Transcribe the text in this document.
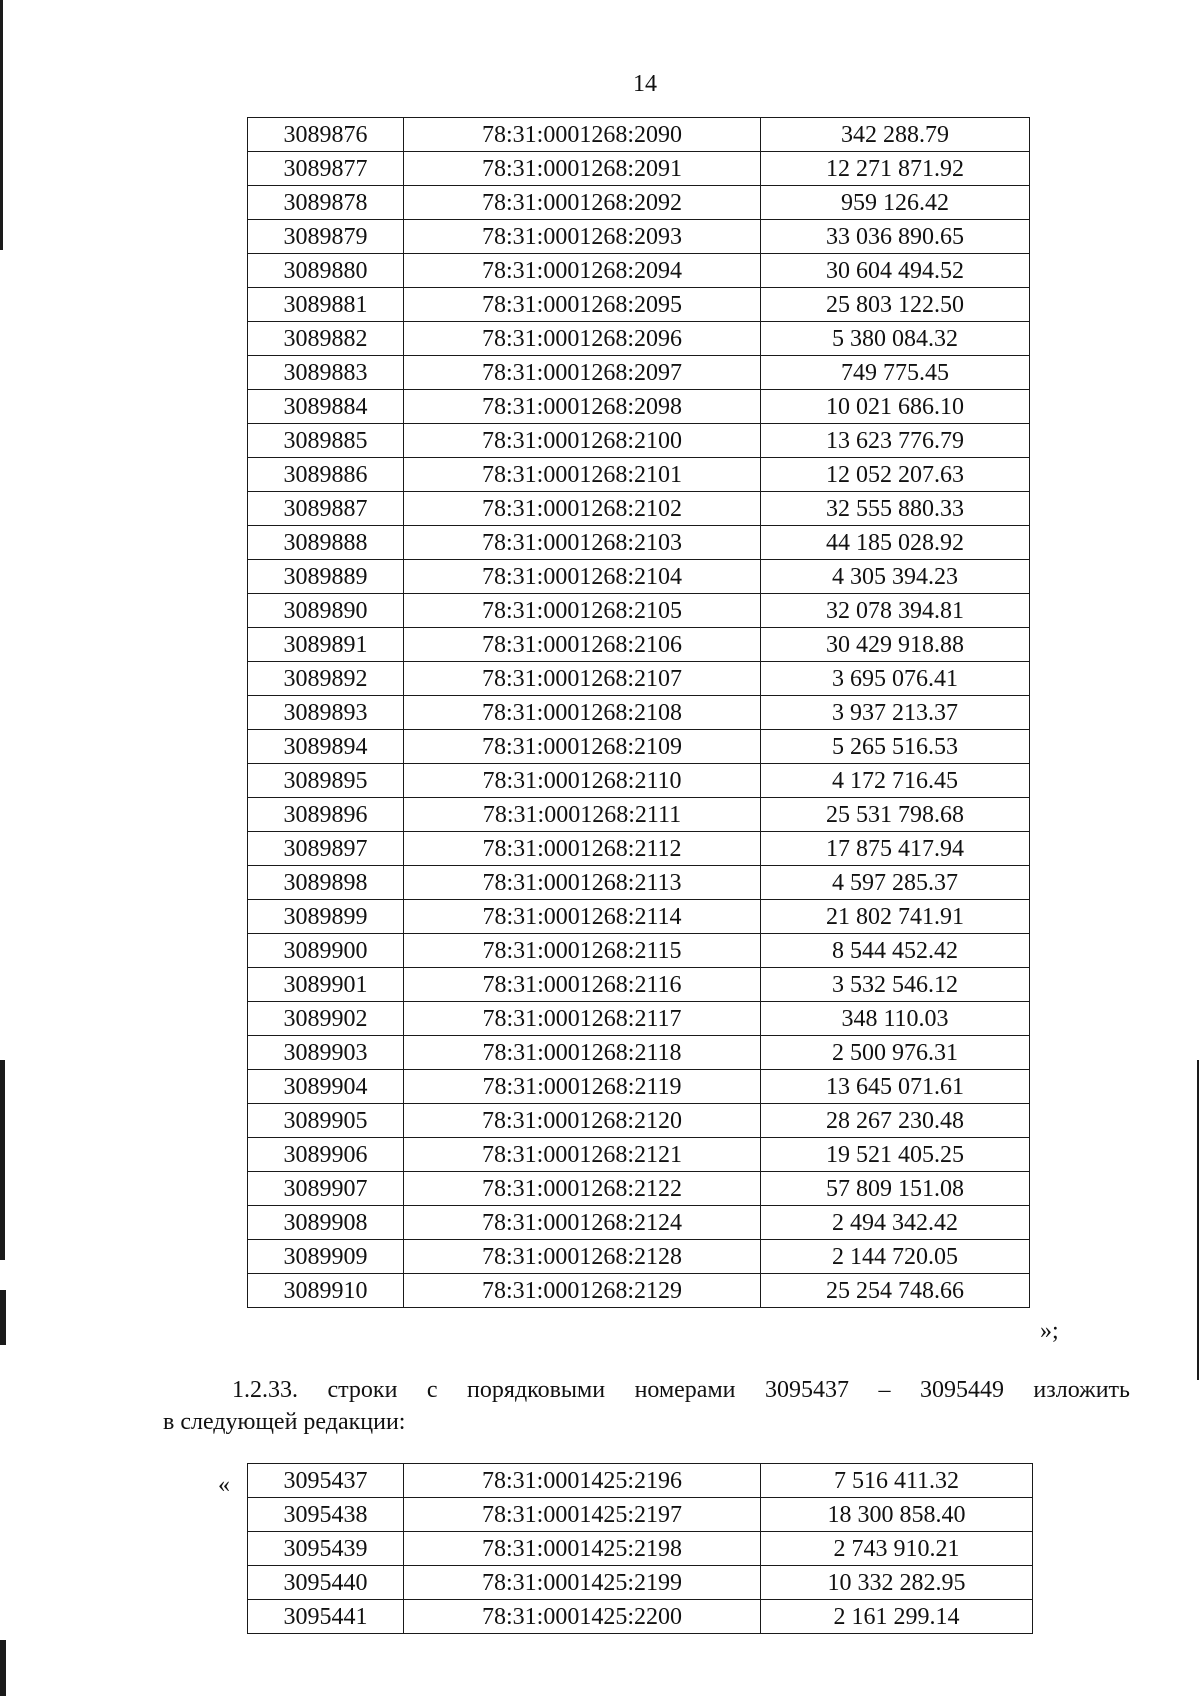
14
3089876	78:31:0001268:2090	342 288.79
3089877	78:31:0001268:2091	12 271 871.92
3089878	78:31:0001268:2092	959 126.42
3089879	78:31:0001268:2093	33 036 890.65
3089880	78:31:0001268:2094	30 604 494.52
3089881	78:31:0001268:2095	25 803 122.50
3089882	78:31:0001268:2096	5 380 084.32
3089883	78:31:0001268:2097	749 775.45
3089884	78:31:0001268:2098	10 021 686.10
3089885	78:31:0001268:2100	13 623 776.79
3089886	78:31:0001268:2101	12 052 207.63
3089887	78:31:0001268:2102	32 555 880.33
3089888	78:31:0001268:2103	44 185 028.92
3089889	78:31:0001268:2104	4 305 394.23
3089890	78:31:0001268:2105	32 078 394.81
3089891	78:31:0001268:2106	30 429 918.88
3089892	78:31:0001268:2107	3 695 076.41
3089893	78:31:0001268:2108	3 937 213.37
3089894	78:31:0001268:2109	5 265 516.53
3089895	78:31:0001268:2110	4 172 716.45
3089896	78:31:0001268:2111	25 531 798.68
3089897	78:31:0001268:2112	17 875 417.94
3089898	78:31:0001268:2113	4 597 285.37
3089899	78:31:0001268:2114	21 802 741.91
3089900	78:31:0001268:2115	8 544 452.42
3089901	78:31:0001268:2116	3 532 546.12
3089902	78:31:0001268:2117	348 110.03
3089903	78:31:0001268:2118	2 500 976.31
3089904	78:31:0001268:2119	13 645 071.61
3089905	78:31:0001268:2120	28 267 230.48
3089906	78:31:0001268:2121	19 521 405.25
3089907	78:31:0001268:2122	57 809 151.08
3089908	78:31:0001268:2124	2 494 342.42
3089909	78:31:0001268:2128	2 144 720.05
3089910	78:31:0001268:2129	25 254 748.66
»;
1.2.33. строки с порядковыми номерами 3095437 – 3095449 изложить
в следующей редакции:
« 3095437	78:31:0001425:2196	7 516 411.32
3095438	78:31:0001425:2197	18 300 858.40
3095439	78:31:0001425:2198	2 743 910.21
3095440	78:31:0001425:2199	10 332 282.95
3095441	78:31:0001425:2200	2 161 299.14
